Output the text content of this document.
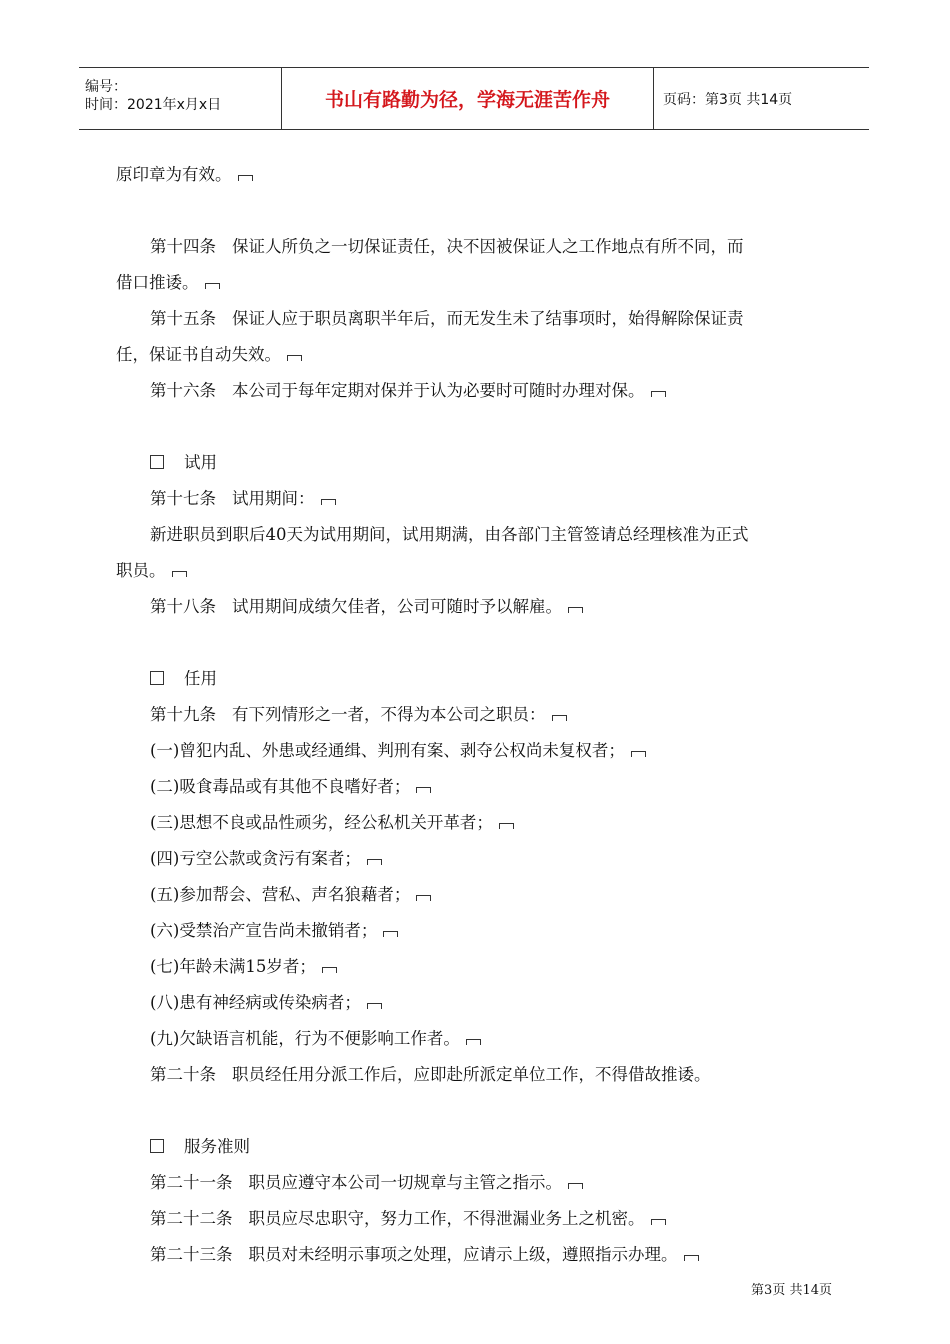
编号：
时间：2021年x月x日	书山有路勤为径，学海无涯苦作舟	页码：第3页 共14页
原印章为有效。
第十四条 保证人所负之一切保证责任，决不因被保证人之工作地点有所不同，而
借口推诿。
第十五条 保证人应于职员离职半年后，而无发生未了结事项时，始得解除保证责
任，保证书自动失效。
第十六条 本公司于每年定期对保并于认为必要时可随时办理对保。
试用
第十七条 试用期间：
新进职员到职后40天为试用期间，试用期满，由各部门主管签请总经理核准为正式
职员。
第十八条 试用期间成绩欠佳者，公司可随时予以解雇。
任用
第十九条 有下列情形之一者，不得为本公司之职员：
(一)曾犯内乱、外患或经通缉、判刑有案、剥夺公权尚未复权者；
(二)吸食毒品或有其他不良嗜好者；
(三)思想不良或品性顽劣，经公私机关开革者；
(四)亏空公款或贪污有案者；
(五)参加帮会、营私、声名狼藉者；
(六)受禁治产宣告尚未撤销者；
(七)年龄未满15岁者；
(八)患有神经病或传染病者；
(九)欠缺语言机能，行为不便影响工作者。
第二十条 职员经任用分派工作后，应即赴所派定单位工作，不得借故推诿。
服务准则
第二十一条 职员应遵守本公司一切规章与主管之指示。
第二十二条 职员应尽忠职守，努力工作，不得泄漏业务上之机密。
第二十三条 职员对未经明示事项之处理，应请示上级，遵照指示办理。
第3页 共14页
